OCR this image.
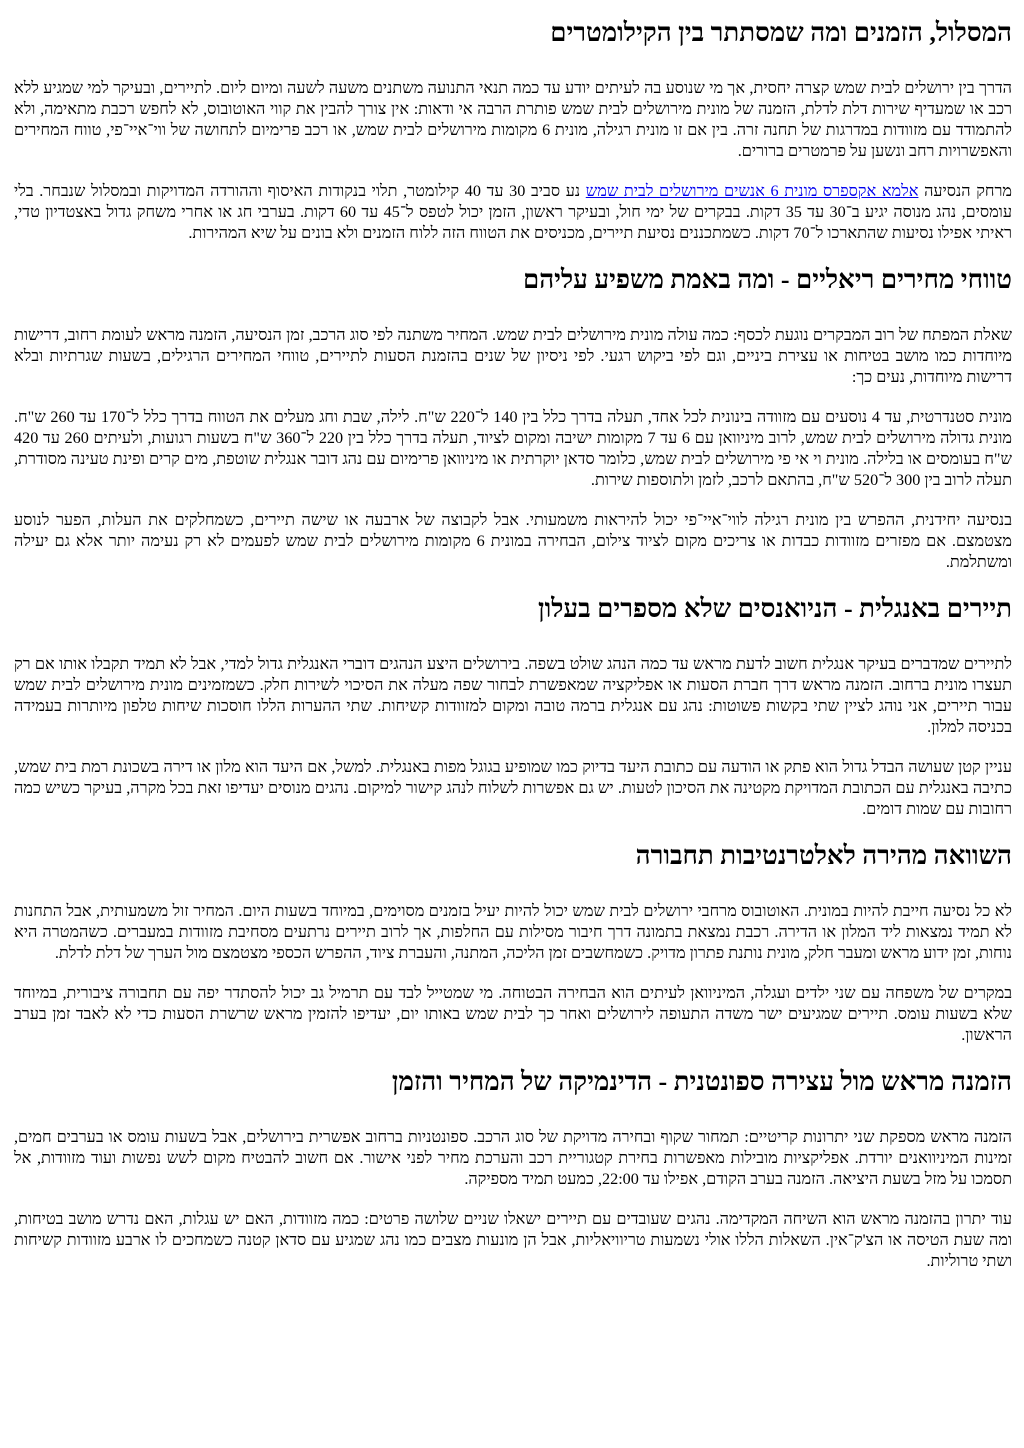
המסלול, הזמנים ומה שמסתתר בין הקילומטרים

הדרך בין ירושלים לבית שמש קצרה יחסית, אך מי שנוסע בה לעיתים יודע עד כמה תנאי התנועה משתנים משעה לשעה ומיום ליום. לתיירים, ובעיקר למי שמגיע ללא רכב או שמעדיף שירות דלת לדלת, הזמנה של מונית מירושלים לבית שמש פותרת הרבה אי ודאות: אין צורך להבין את קווי האוטובוס, לא לחפש רכבת מתאימה, ולא להתמודד עם מזוודות במדרגות של תחנה זרה. בין אם זו מונית רגילה, מונית 6 מקומות מירושלים לבית שמש, או רכב פרימיום לתחושה של ווי־איי־פי, טווח המחירים והאפשרויות רחב ונשען על פרמטרים ברורים.

מרחק הנסיעה אלמא אקספרס מונית 6 אנשים מירושלים לבית שמש נע סביב 30 עד 40 קילומטר, תלוי בנקודות האיסוף וההורדה המדויקות ובמסלול שנבחר. בלי עומסים, נהג מנוסה יגיע ב־30 עד 35 דקות. בבקרים של ימי חול, ובעיקר ראשון, הזמן יכול לטפס ל־45 עד 60 דקות. בערבי חג או אחרי משחק גדול באצטדיון טדי, ראיתי אפילו נסיעות שהתארכו ל־70 דקות. כשמתכננים נסיעת תיירים, מכניסים את הטווח הזה ללוח הזמנים ולא בונים על שיא המהירות.

טווחי מחירים ריאליים - ומה באמת משפיע עליהם

שאלת המפתח של רוב המבקרים נוגעת לכסף: כמה עולה מונית מירושלים לבית שמש. המחיר משתנה לפי סוג הרכב, זמן הנסיעה, הזמנה מראש לעומת רחוב, דרישות מיוחדות כמו מושב בטיחות או עצירת ביניים, וגם לפי ביקוש רגעי. לפי ניסיון של שנים בהזמנת הסעות לתיירים, טווחי המחירים הרגילים, בשעות שגרתיות ובלא דרישות מיוחדות, נעים כך:

מונית סטנדרטית, עד 4 נוסעים עם מזוודה בינונית לכל אחד, תעלה בדרך כלל בין 140 ל־220 ש"ח. לילה, שבת וחג מעלים את הטווח בדרך כלל ל־170 עד 260 ש"ח. מונית גדולה מירושלים לבית שמש, לרוב מיניוואן עם 6 עד 7 מקומות ישיבה ומקום לציוד, תעלה בדרך כלל בין 220 ל־360 ש"ח בשעות רגועות, ולעיתים 260 עד 420 ש"ח בעומסים או בלילה. מונית וי אי פי מירושלים לבית שמש, כלומר סדאן יוקרתית או מיניוואן פרימיום עם נהג דובר אנגלית שוטפת, מים קרים ופינת טעינה מסודרת, תעלה לרוב בין 300 ל־520 ש"ח, בהתאם לרכב, לזמן ולתוספות שירות.

בנסיעה יחידנית, ההפרש בין מונית רגילה לווי־איי־פי יכול להיראות משמעותי. אבל לקבוצה של ארבעה או שישה תיירים, כשמחלקים את העלות, הפער לנוסע מצטמצם. אם מפזרים מזוודות כבדות או צריכים מקום לציוד צילום, הבחירה במונית 6 מקומות מירושלים לבית שמש לפעמים לא רק נעימה יותר אלא גם יעילה ומשתלמת.

תיירים באנגלית - הניואנסים שלא מספרים בעלון

לתיירים שמדברים בעיקר אנגלית חשוב לדעת מראש עד כמה הנהג שולט בשפה. בירושלים היצע הנהגים דוברי האנגלית גדול למדי, אבל לא תמיד תקבלו אותו אם רק תעצרו מונית ברחוב. הזמנה מראש דרך חברת הסעות או אפליקציה שמאפשרת לבחור שפה מעלה את הסיכוי לשירות חלק. כשמזמינים מונית מירושלים לבית שמש עבור תיירים, אני נוהג לציין שתי בקשות פשוטות: נהג עם אנגלית ברמה טובה ומקום למזוודות קשיחות. שתי ההערות הללו חוסכות שיחות טלפון מיותרות בעמידה בכניסה למלון.

עניין קטן שעושה הבדל גדול הוא פתק או הודעה עם כתובת היעד בדיוק כמו שמופיע בגוגל מפות באנגלית. למשל, אם היעד הוא מלון או דירה בשכונת רמת בית שמש, כתיבה באנגלית עם הכתובת המדויקת מקטינה את הסיכון לטעות. יש גם אפשרות לשלוח לנהג קישור למיקום. נהגים מנוסים יעדיפו זאת בכל מקרה, בעיקר כשיש כמה רחובות עם שמות דומים.

השוואה מהירה לאלטרנטיבות תחבורה

לא כל נסיעה חייבת להיות במונית. האוטובוס מרחבי ירושלים לבית שמש יכול להיות יעיל בזמנים מסוימים, במיוחד בשעות היום. המחיר זול משמעותית, אבל התחנות לא תמיד נמצאות ליד המלון או הדירה. רכבת נמצאת בתמונה דרך חיבור מסילות עם החלפות, אך לרוב תיירים נרתעים מסחיבת מזוודות במעברים. כשהמטרה היא נוחות, זמן ידוע מראש ומעבר חלק, מונית נותנת פתרון מדויק. כשמחשבים זמן הליכה, המתנה, והעברת ציוד, ההפרש הכספי מצטמצם מול הערך של דלת לדלת.

במקרים של משפחה עם שני ילדים ועגלה, המיניוואן לעיתים הוא הבחירה הבטוחה. מי שמטייל לבד עם תרמיל גב יכול להסתדר יפה עם תחבורה ציבורית, במיוחד שלא בשעות עומס. תיירים שמגיעים ישר משדה התעופה לירושלים ואחר כך לבית שמש באותו יום, יעדיפו להזמין מראש שרשרת הסעות כדי לא לאבד זמן בערב הראשון.

הזמנה מראש מול עצירה ספונטנית - הדינמיקה של המחיר והזמן

הזמנה מראש מספקת שני יתרונות קריטיים: תמחור שקוף ובחירה מדויקת של סוג הרכב. ספונטניות ברחוב אפשרית בירושלים, אבל בשעות עומס או בערבים חמים, זמינות המיניוואנים יורדת. אפליקציות מובילות מאפשרות בחירת קטגוריית רכב והערכת מחיר לפני אישור. אם חשוב להבטיח מקום לשש נפשות ועוד מזוודות, אל תסמכו על מזל בשעת היציאה. הזמנה בערב הקודם, אפילו עד 22:00, כמעט תמיד מספיקה.

עוד יתרון בהזמנה מראש הוא השיחה המקדימה. נהגים שעובדים עם תיירים ישאלו שניים שלושה פרטים: כמה מזוודות, האם יש עגלות, האם נדרש מושב בטיחות, ומה שעת הטיסה או הצ'ק־אין. השאלות הללו אולי נשמעות טריוויאליות, אבל הן מונעות מצבים כמו נהג שמגיע עם סדאן קטנה כשמחכים לו ארבע מזוודות קשיחות ושתי טרוליות.
